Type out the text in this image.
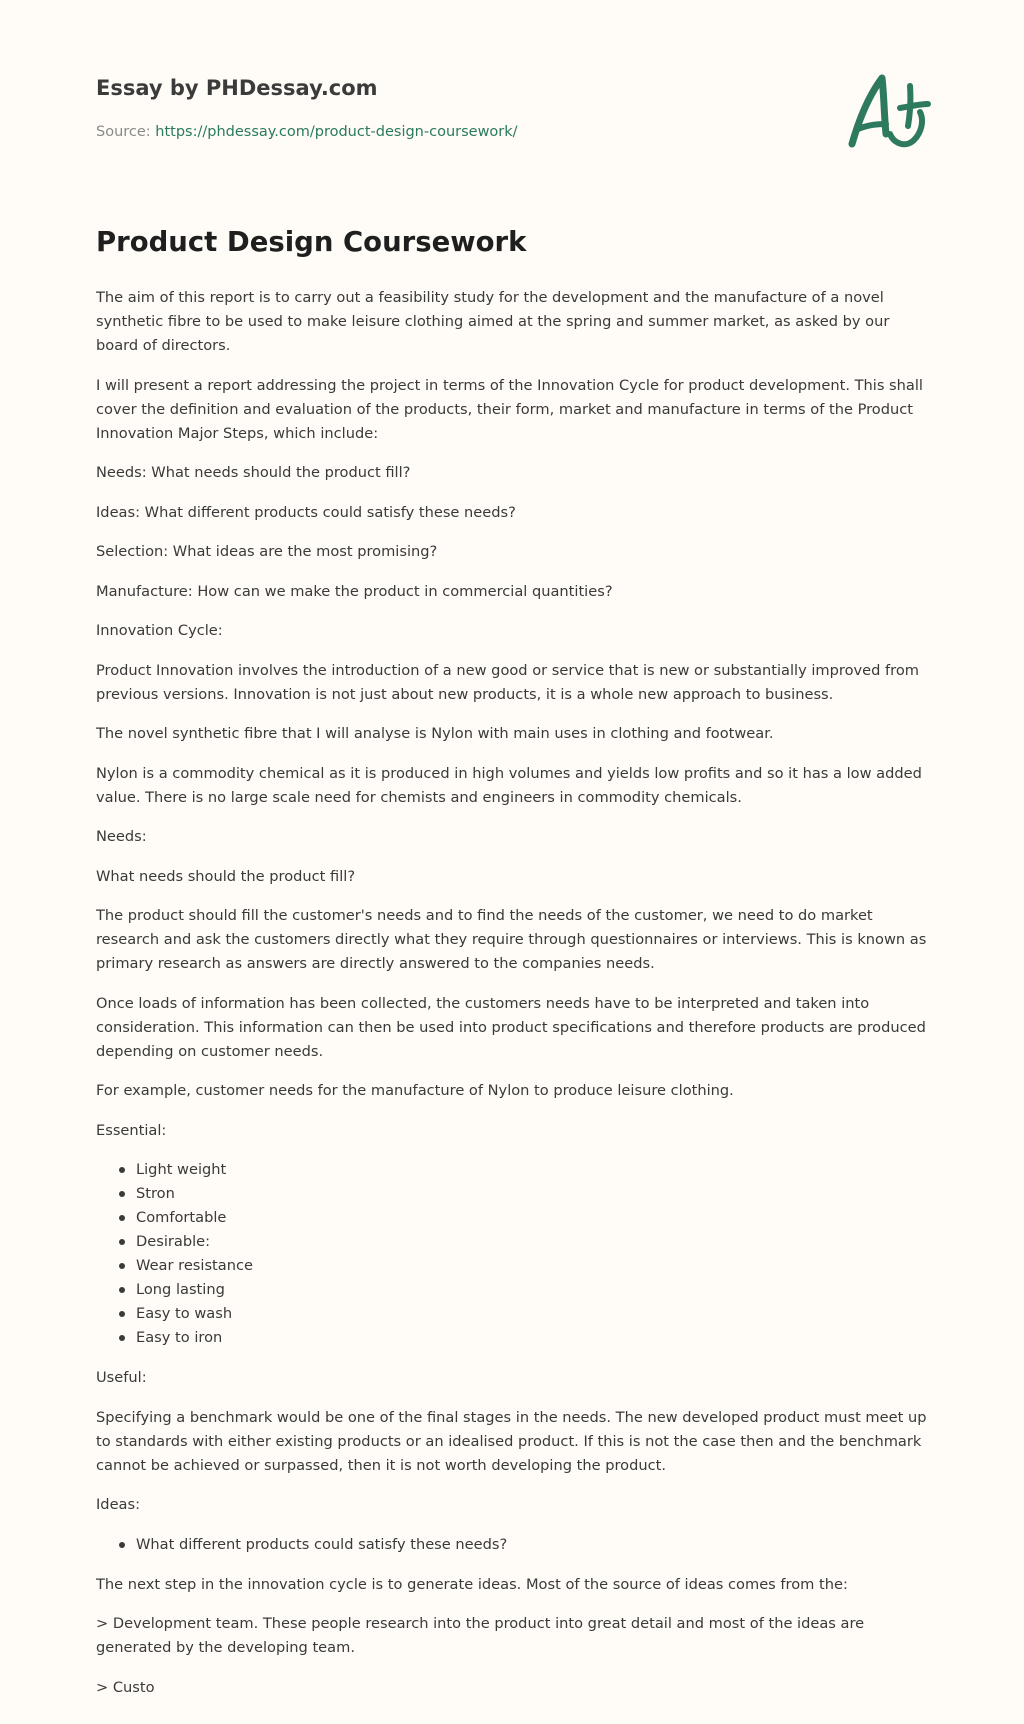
Essay by PHDessay.com

Source: https://phdessay.com/product-design-coursework/

Product Design Coursework

The aim of this report is to carry out a feasibility study for the development and the manufacture of a novel synthetic fibre to be used to make leisure clothing aimed at the spring and summer market, as asked by our board of directors.

I will present a report addressing the project in terms of the Innovation Cycle for product development. This shall cover the definition and evaluation of the products, their form, market and manufacture in terms of the Product Innovation Major Steps, which include:

Needs: What needs should the product fill?

Ideas: What different products could satisfy these needs?

Selection: What ideas are the most promising?

Manufacture: How can we make the product in commercial quantities?

Innovation Cycle:

Product Innovation involves the introduction of a new good or service that is new or substantially improved from previous versions. Innovation is not just about new products, it is a whole new approach to business.

The novel synthetic fibre that I will analyse is Nylon with main uses in clothing and footwear.

Nylon is a commodity chemical as it is produced in high volumes and yields low profits and so it has a low added value. There is no large scale need for chemists and engineers in commodity chemicals.

Needs:

What needs should the product fill?

The product should fill the customer's needs and to find the needs of the customer, we need to do market research and ask the customers directly what they require through questionnaires or interviews. This is known as primary research as answers are directly answered to the companies needs.

Once loads of information has been collected, the customers needs have to be interpreted and taken into consideration. This information can then be used into product specifications and therefore products are produced depending on customer needs.

For example, customer needs for the manufacture of Nylon to produce leisure clothing.

Essential:

Light weight
Stron
Comfortable
Desirable:
Wear resistance
Long lasting
Easy to wash
Easy to iron

Useful:

Specifying a benchmark would be one of the final stages in the needs. The new developed product must meet up to standards with either existing products or an idealised product. If this is not the case then and the benchmark cannot be achieved or surpassed, then it is not worth developing the product.

Ideas:

What different products could satisfy these needs?

The next step in the innovation cycle is to generate ideas. Most of the source of ideas comes from the:

> Development team. These people research into the product into great detail and most of the ideas are generated by the developing team.

> Custo
